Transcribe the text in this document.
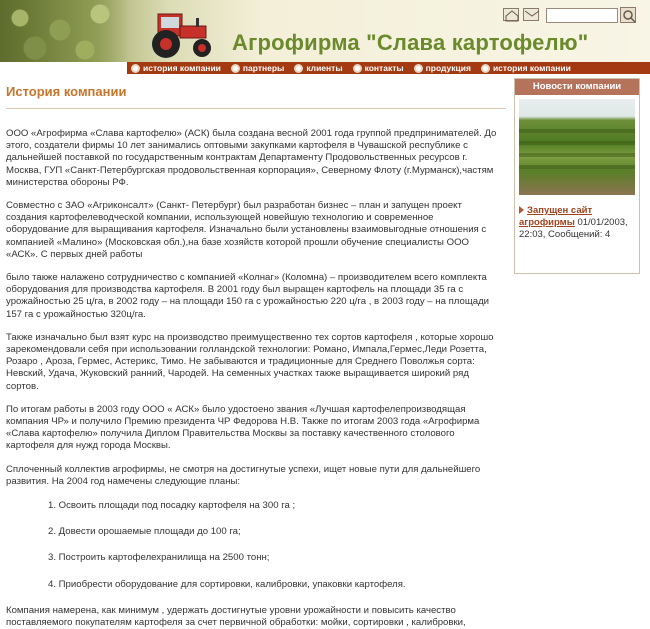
Агрофирма "Слава картофелю"
история компании	партнеры	клиенты	контакты	продукция	история компании
История компании

ООО «Агрофирма «Слава картофелю» (АСК) была создана весной 2001 года группой предпринимателей. До этого, создатели фирмы 10 лет занимались оптовыми закупками картофеля в Чувашской республике с дальнейшей поставкой по государственным контрактам Департаменту Продовольственных ресурсов г. Москва, ГУП «Санкт-Петербургская продовольственная корпорация», Северному Флоту (г.Мурманск),частям министерства обороны РФ.

Совместно с ЗАО «Агриконсалт» (Санкт- Петербург) был разработан бизнес – план и запущен проект создания картофелеводческой компании, использующей новейшую технологию и современное оборудование для выращивания картофеля. Изначально были установлены взаимовыгодные отношения с компанией «Малино» (Московская обл.),на базе хозяйств которой прошли обучение специалисты ООО «АСК». С первых дней работы

было также налажено сотрудничество с компанией «Колнаг» (Коломна) – производителем всего комплекта оборудования для производства картофеля. В 2001 году был выращен картофель на площади 35 га с урожайностью 25 ц/га, в 2002 году – на площади 150 га с урожайностью 220 ц/га , в 2003 году – на площади 157 га с урожайностью 320ц/га.

Также изначально был взят курс на производство преимущественно тех сортов картофеля , которые хорошо зарекомендовали себя при использовании голландской технологии: Романо, Импала,Гермес,Леди Розетта, Розаро , Ароза, Гермес, Астерикс, Тимо. Не забываются и традиционные для Среднего Поволжья сорта: Невский, Удача, Жуковский ранний, Чародей. На семенных участках также выращивается широкий ряд сортов.

По итогам работы в 2003 году ООО « АСК» было удостоено звания «Лучшая картофелепроизводящая компания ЧР» и получило Премию президента ЧР Федорова Н.В. Также по итогам 2003 года «Агрофирма «Слава картофелю» получила Диплом Правительства Москвы за поставку качественного столового картофеля для нужд города Москвы.

Сплоченный коллектив агрофирмы, не смотря на достигнутые успехи, ищет новые пути для дальнейшего развития. На 2004 год намечены следующие планы:

1. Освоить площади под посадку картофеля на 300 га ;
2. Довести орошаемые площади до 100 га;
3. Построить картофелехранилища на 2500 тонн;
4. Приобрести оборудование для сортировки, калибровки, упаковки картофеля.

Компания намерена, как минимум , удержать достигнутые уровни урожайности и повысить качество поставляемого покупателям картофеля за счет первичной обработки: мойки, сортировки , калибровки,

Новости компании
Запущен сайт агрофирмы 01/01/2003, 22:03, Сообщений: 4
